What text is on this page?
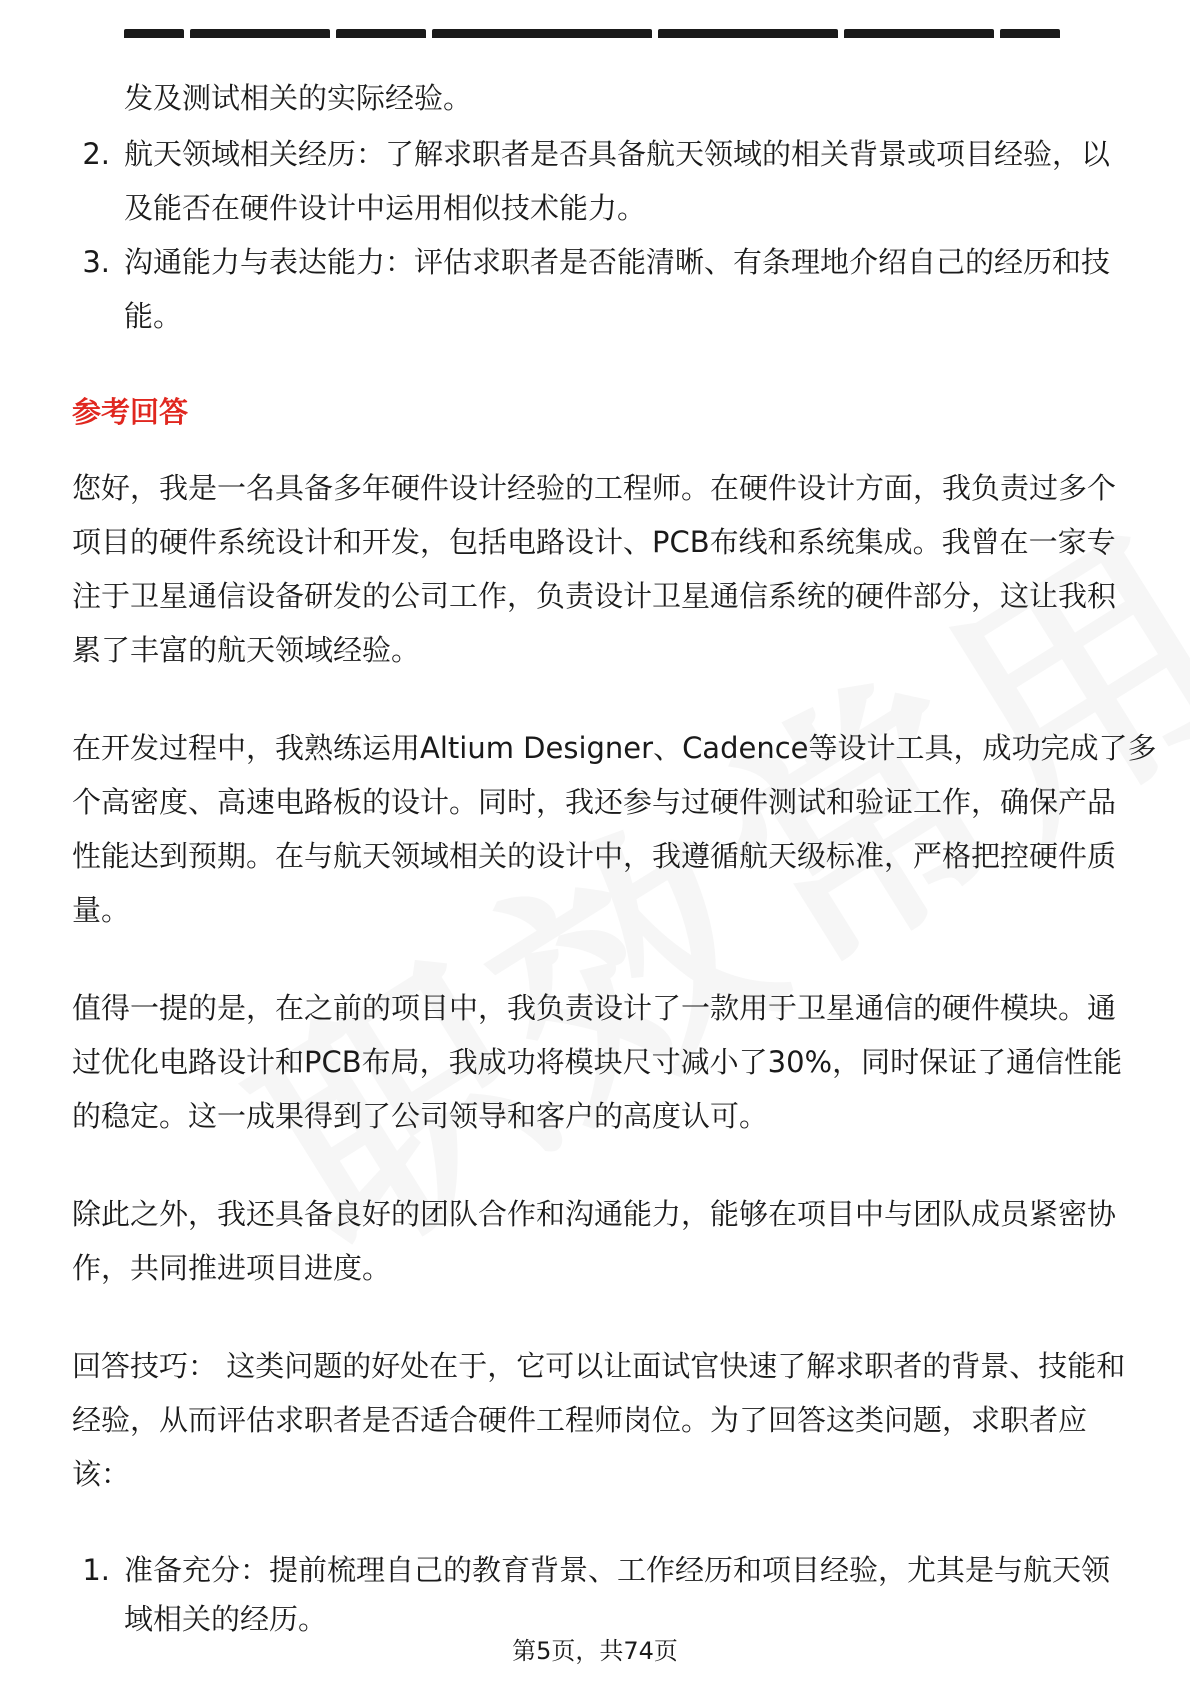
发及测试相关的实际经验。
2. 航天领域相关经历：了解求职者是否具备航天领域的相关背景或项目经验，以
及能否在硬件设计中运用相似技术能力。
3. 沟通能力与表达能力：评估求职者是否能清晰、有条理地介绍自己的经历和技
能。
参考回答
您好，我是一名具备多年硬件设计经验的工程师。在硬件设计方面，我负责过多个
项目的硬件系统设计和开发，包括电路设计、PCB布线和系统集成。我曾在一家专
注于卫星通信设备研发的公司工作，负责设计卫星通信系统的硬件部分，这让我积
累了丰富的航天领域经验。
在开发过程中，我熟练运用Altium Designer、Cadence等设计工具，成功完成了多
个高密度、高速电路板的设计。同时，我还参与过硬件测试和验证工作，确保产品
性能达到预期。在与航天领域相关的设计中，我遵循航天级标准，严格把控硬件质
量。
值得一提的是，在之前的项目中，我负责设计了一款用于卫星通信的硬件模块。通
过优化电路设计和PCB布局，我成功将模块尺寸减小了30%，同时保证了通信性能
的稳定。这一成果得到了公司领导和客户的高度认可。
除此之外，我还具备良好的团队合作和沟通能力，能够在项目中与团队成员紧密协
作，共同推进项目进度。
回答技巧： 这类问题的好处在于，它可以让面试官快速了解求职者的背景、技能和
经验，从而评估求职者是否适合硬件工程师岗位。为了回答这类问题，求职者应
该：
1. 准备充分：提前梳理自己的教育背景、工作经历和项目经验，尤其是与航天领
域相关的经历。
第5页，共74页
